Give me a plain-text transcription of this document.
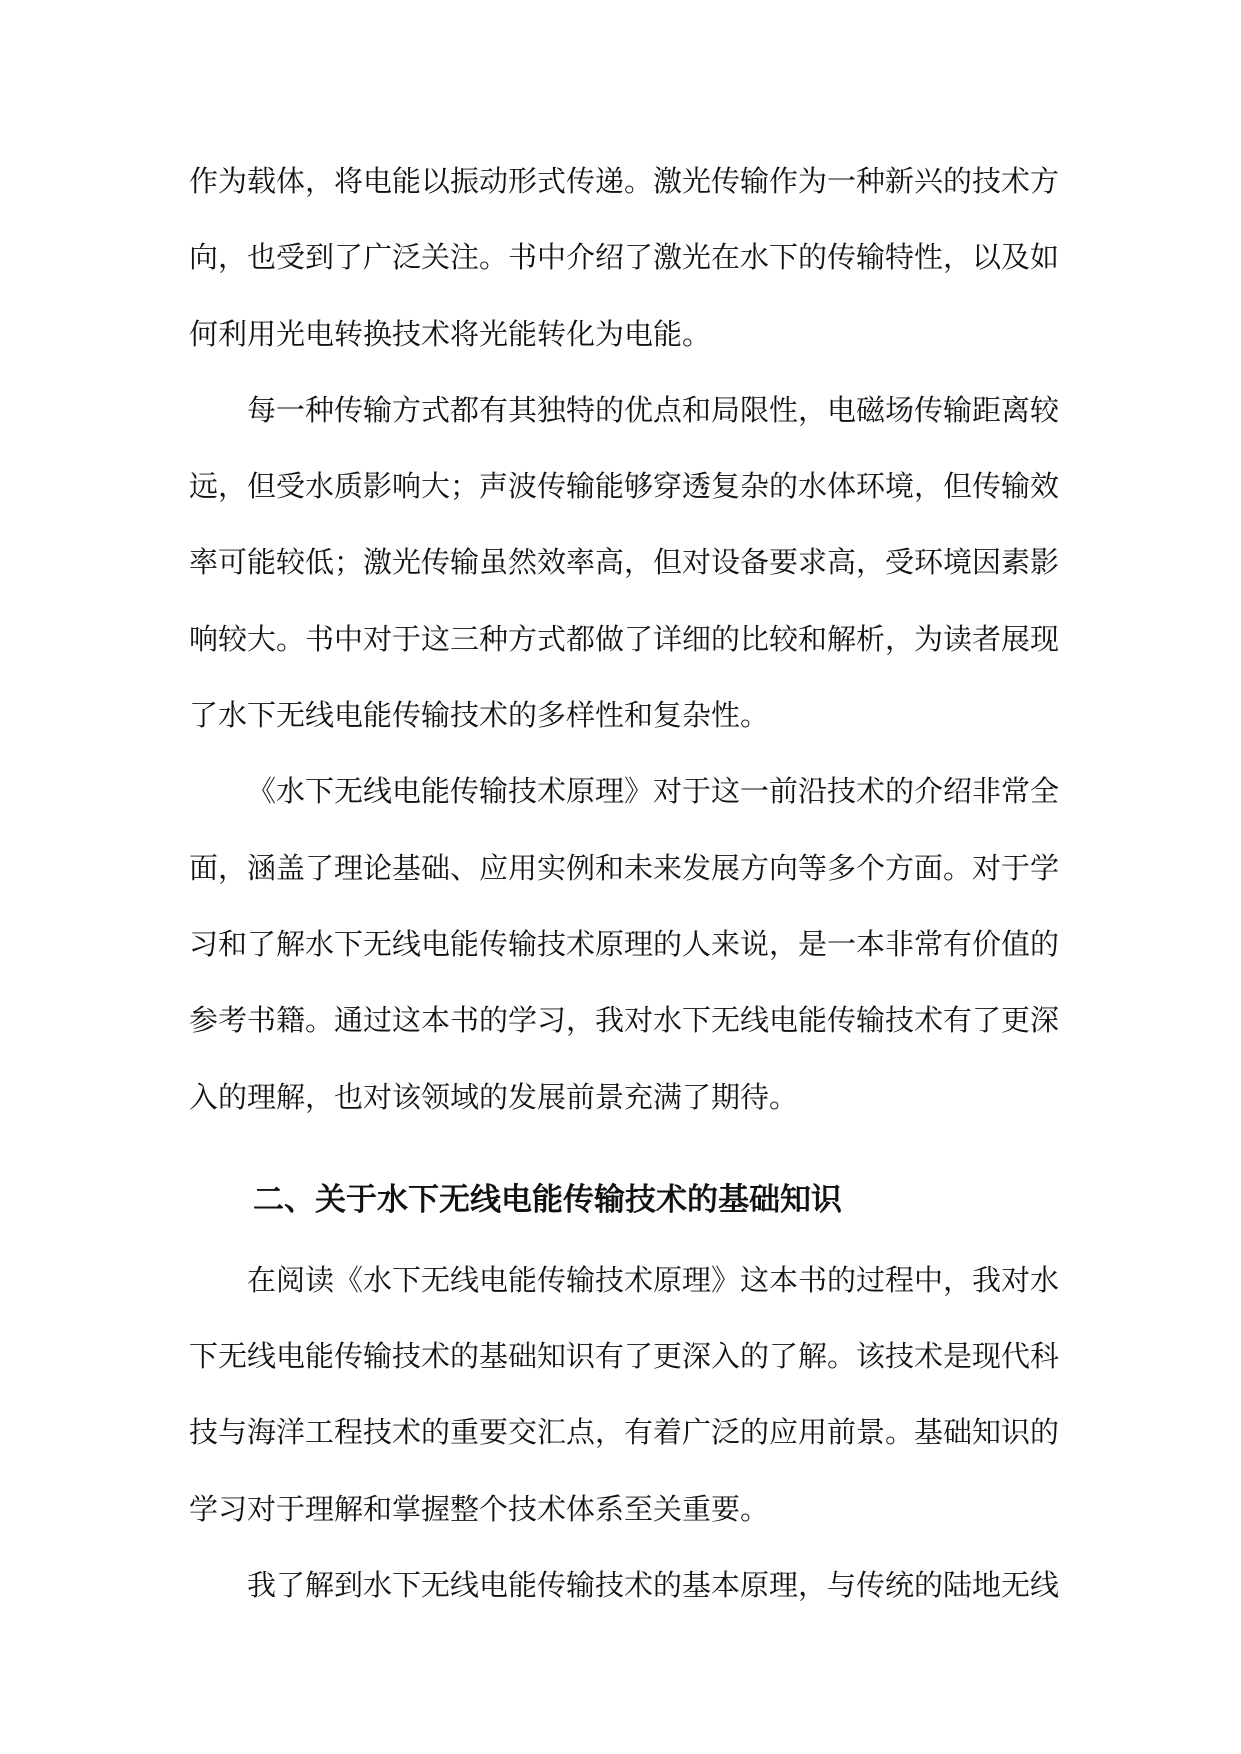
作为载体，将电能以振动形式传递。激光传输作为一种新兴的技术方向，也受到了广泛关注。书中介绍了激光在水下的传输特性，以及如何利用光电转换技术将光能转化为电能。

每一种传输方式都有其独特的优点和局限性，电磁场传输距离较远，但受水质影响大；声波传输能够穿透复杂的水体环境，但传输效率可能较低；激光传输虽然效率高，但对设备要求高，受环境因素影响较大。书中对于这三种方式都做了详细的比较和解析，为读者展现了水下无线电能传输技术的多样性和复杂性。

《水下无线电能传输技术原理》对于这一前沿技术的介绍非常全面，涵盖了理论基础、应用实例和未来发展方向等多个方面。对于学习和了解水下无线电能传输技术原理的人来说，是一本非常有价值的参考书籍。通过这本书的学习，我对水下无线电能传输技术有了更深入的理解，也对该领域的发展前景充满了期待。

二、关于水下无线电能传输技术的基础知识

在阅读《水下无线电能传输技术原理》这本书的过程中，我对水下无线电能传输技术的基础知识有了更深入的了解。该技术是现代科技与海洋工程技术的重要交汇点，有着广泛的应用前景。基础知识的学习对于理解和掌握整个技术体系至关重要。

我了解到水下无线电能传输技术的基本原理，与传统的陆地无线
